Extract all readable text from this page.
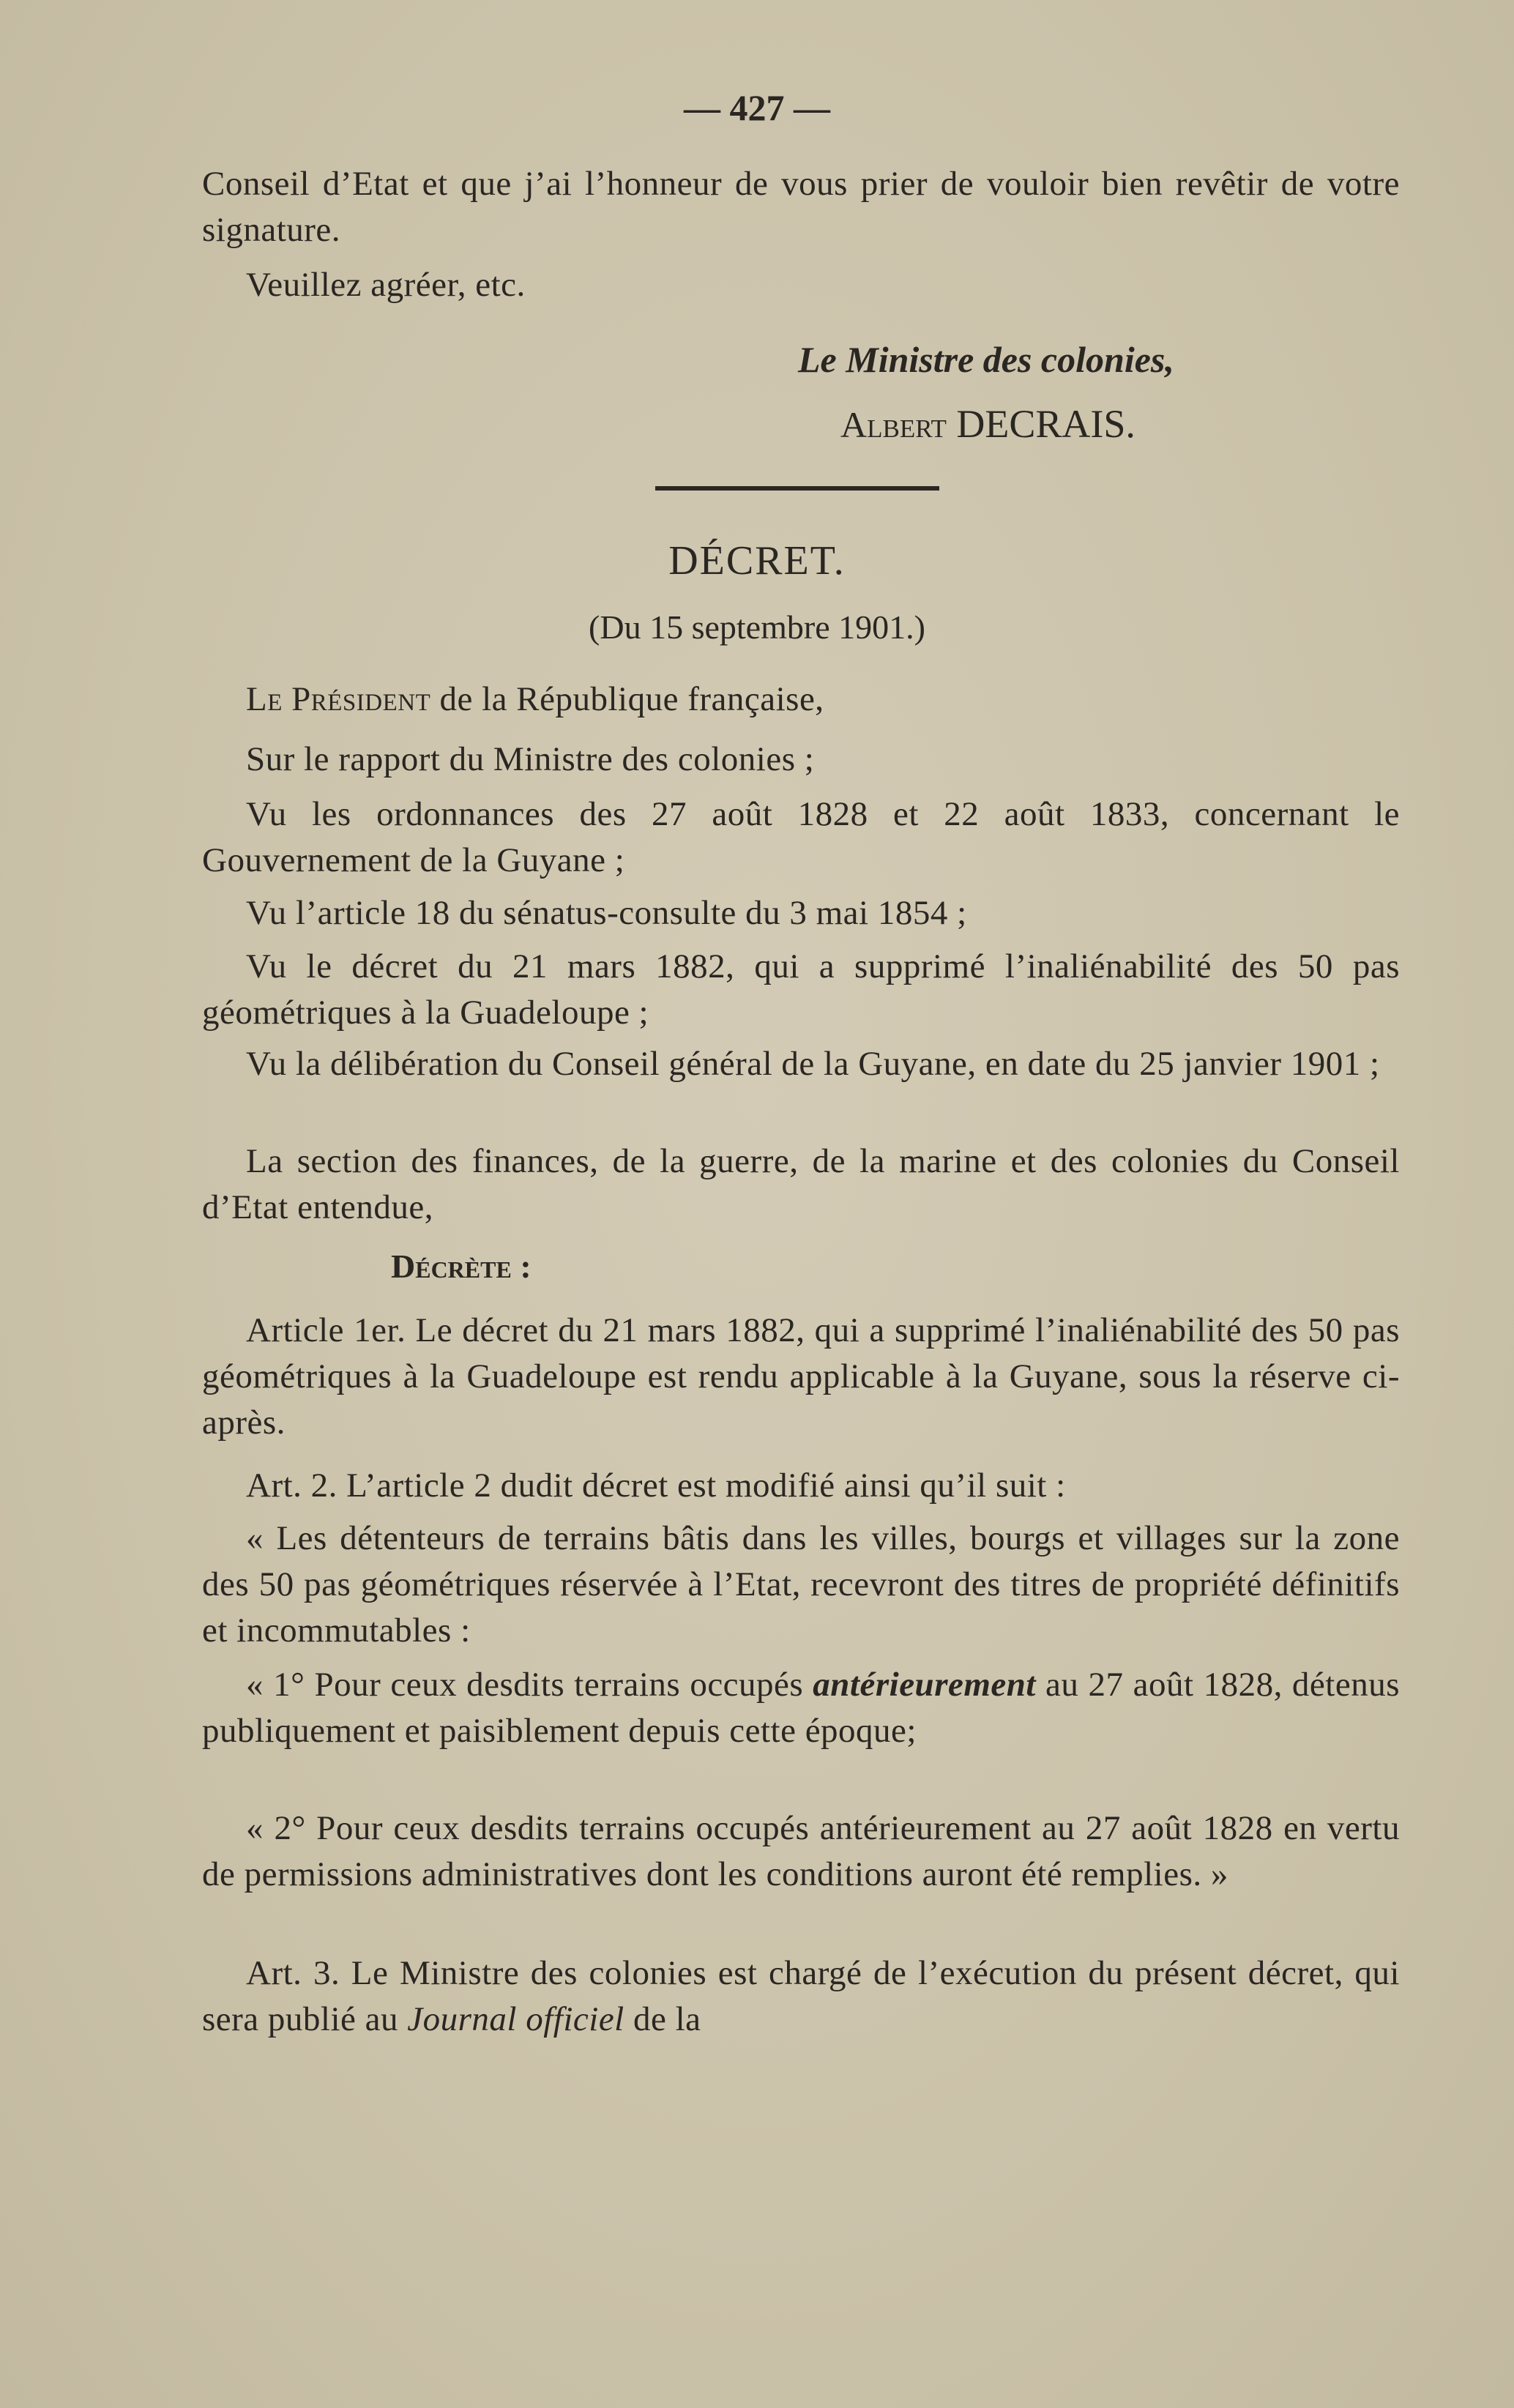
— 427 —

Conseil d’Etat et que j’ai l’honneur de vous prier de vouloir bien revêtir de votre signature.

Veuillez agréer, etc.

Le Ministre des colonies,
Albert DECRAIS.
DÉCRET.
(Du 15 septembre 1901.)

Le Président de la République française,

Sur le rapport du Ministre des colonies ;

Vu les ordonnances des 27 août 1828 et 22 août 1833, concernant le Gouvernement de la Guyane ;

Vu l’article 18 du sénatus-consulte du 3 mai 1854 ;

Vu le décret du 21 mars 1882, qui a supprimé l’inaliénabilité des 50 pas géométriques à la Guadeloupe ;

Vu la délibération du Conseil général de la Guyane, en date du 25 janvier 1901 ;

La section des finances, de la guerre, de la marine et des colonies du Conseil d’Etat entendue,

Décrète :

Article 1er. Le décret du 21 mars 1882, qui a supprimé l’inaliénabilité des 50 pas géométriques à la Guadeloupe est rendu applicable à la Guyane, sous la réserve ci-après.

Art. 2. L’article 2 dudit décret est modifié ainsi qu’il suit :

« Les détenteurs de terrains bâtis dans les villes, bourgs et villages sur la zone des 50 pas géométriques réservée à l’Etat, recevront des titres de propriété définitifs et incommutables :

« 1° Pour ceux desdits terrains occupés antérieurement au 27 août 1828, détenus publiquement et paisiblement depuis cette époque;

« 2° Pour ceux desdits terrains occupés antérieurement au 27 août 1828 en vertu de permissions administratives dont les conditions auront été remplies. »

Art. 3. Le Ministre des colonies est chargé de l’exécution du présent décret, qui sera publié au Journal officiel de la
